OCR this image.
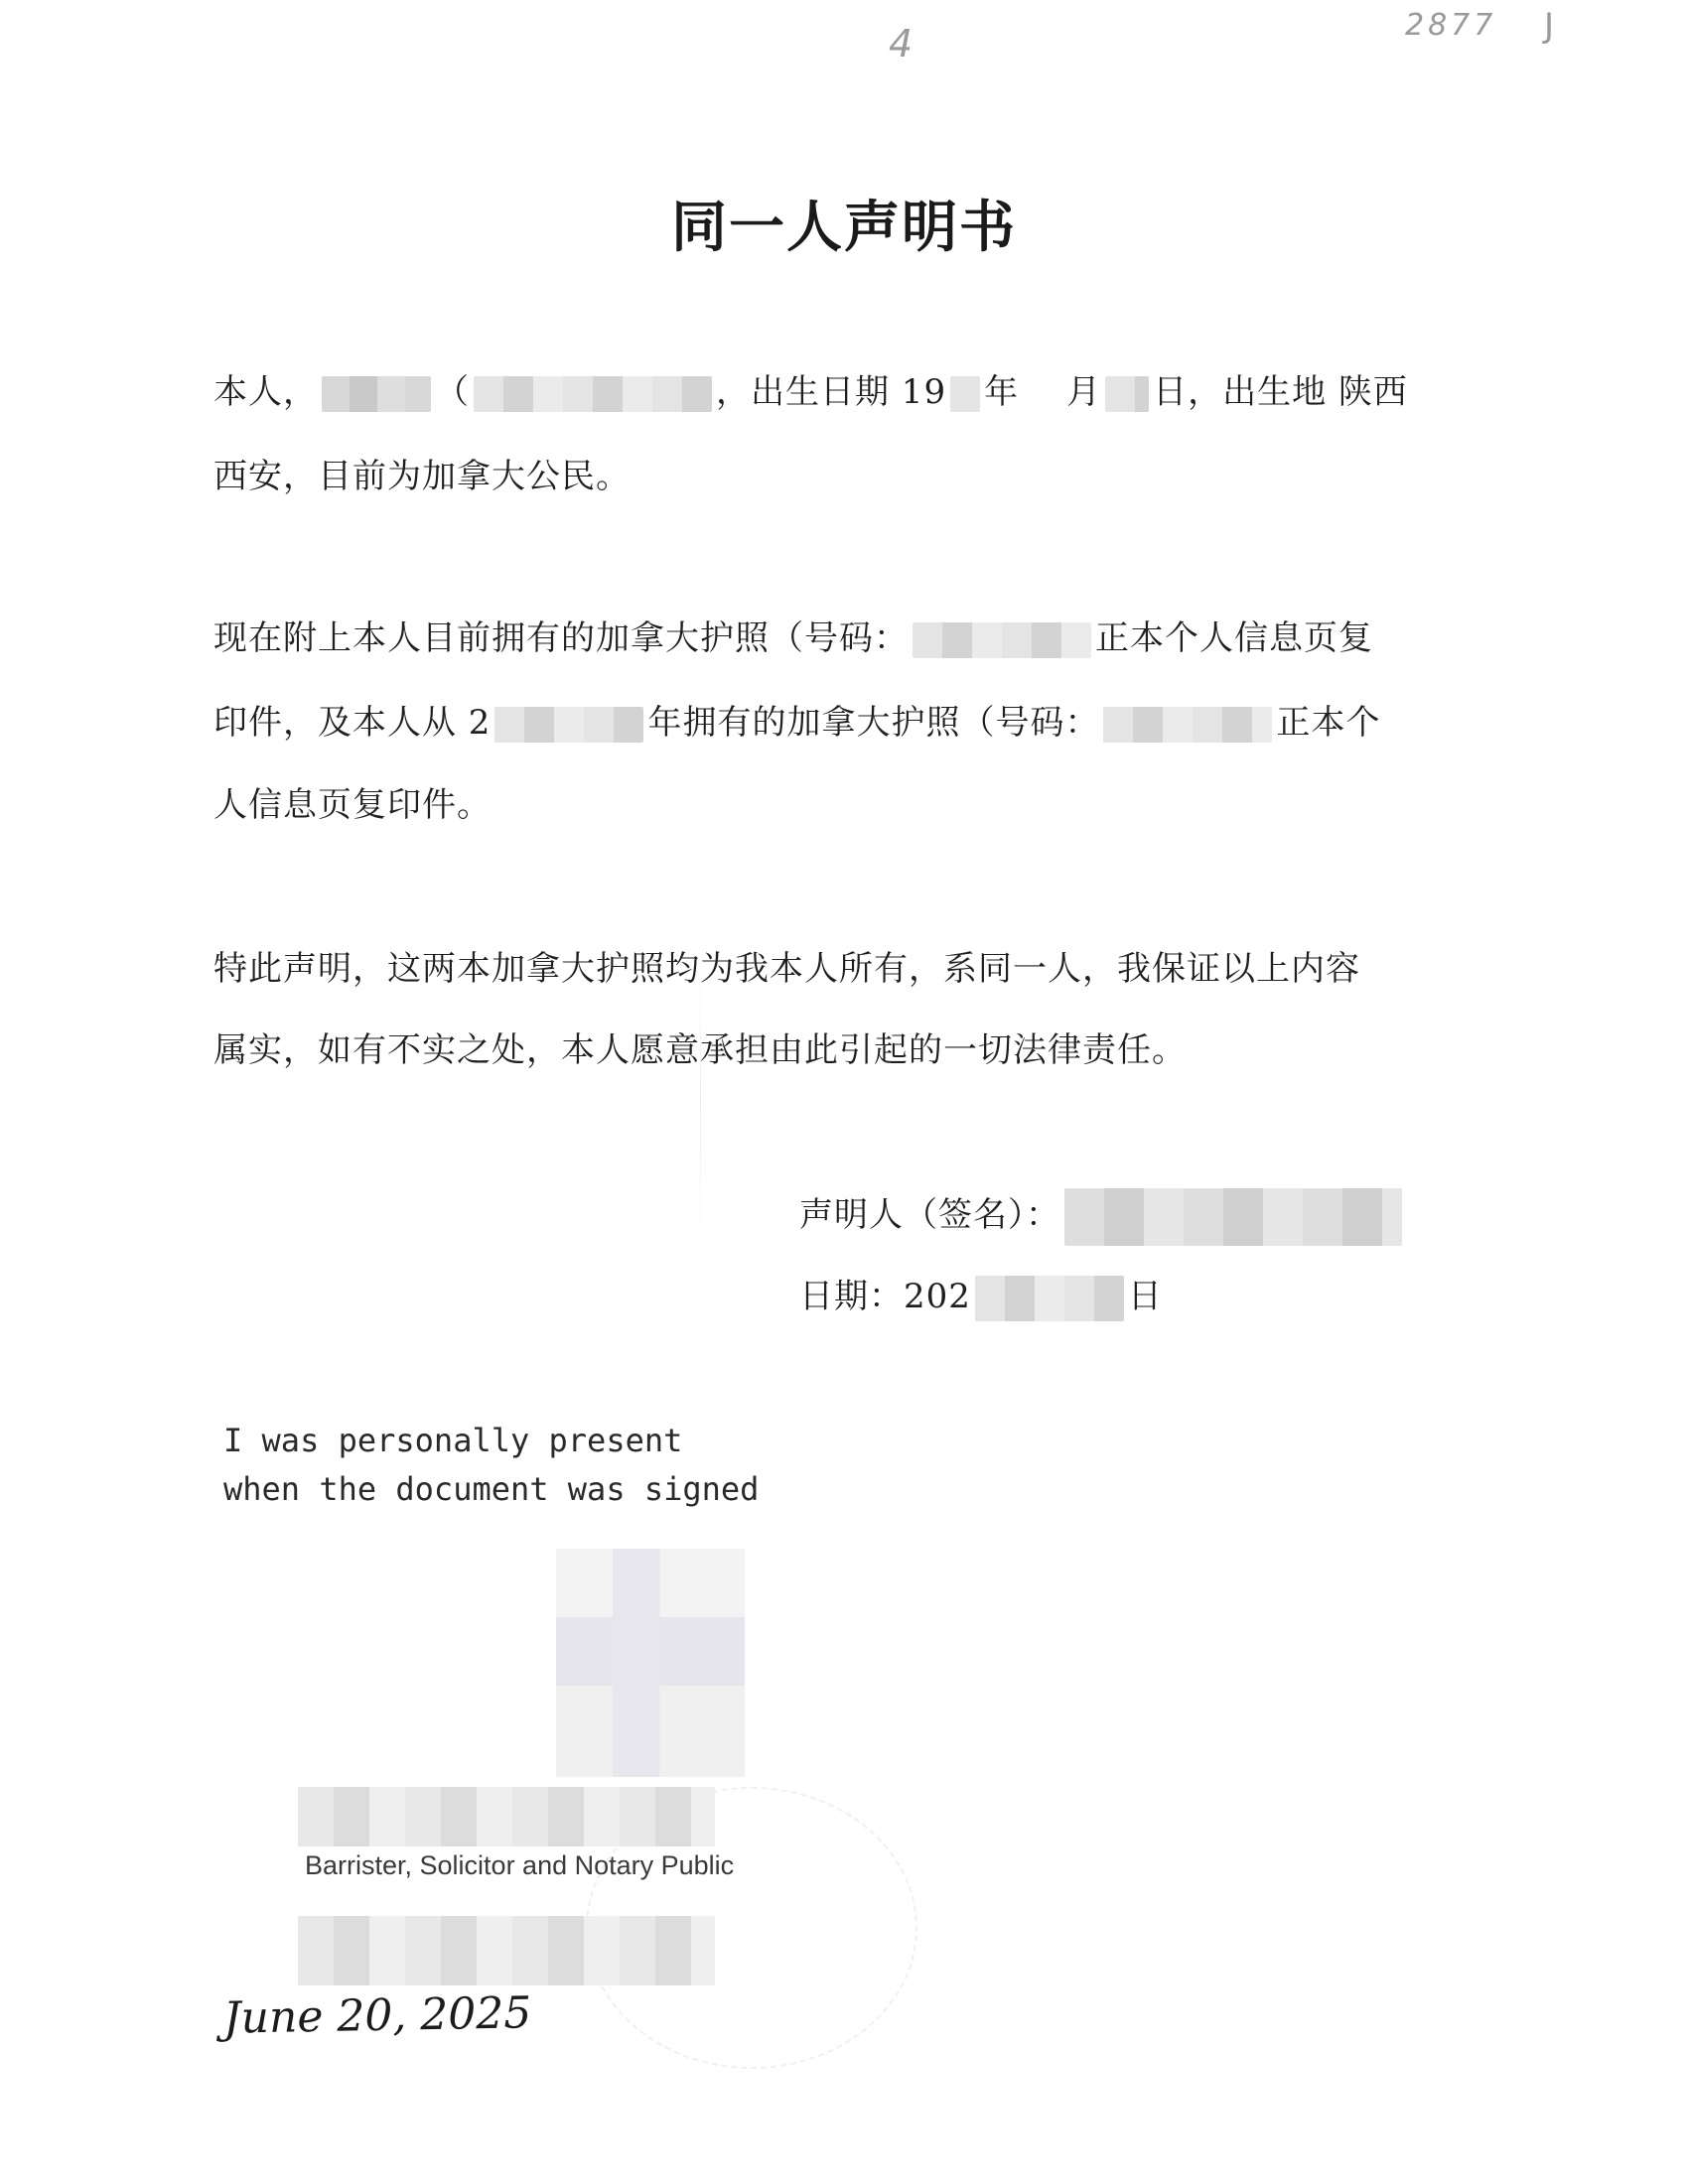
4	2877 J
同一人声明书
本人，	（	，出生日期 19 年 月 日，出生地 陕西
西安，目前为加拿大公民。
现在附上本人目前拥有的加拿大护照（号码：	正本个人信息页复
印件，及本人从 2	年拥有的加拿大护照（号码：	正本个
人信息页复印件。
特此声明，这两本加拿大护照均为我本人所有，系同一人，我保证以上内容
属实，如有不实之处，本人愿意承担由此引起的一切法律责任。
声明人（签名）：
日期：202	日
I was personally present
when the document was signed
Barrister, Solicitor and Notary Public
June 20, 2025
